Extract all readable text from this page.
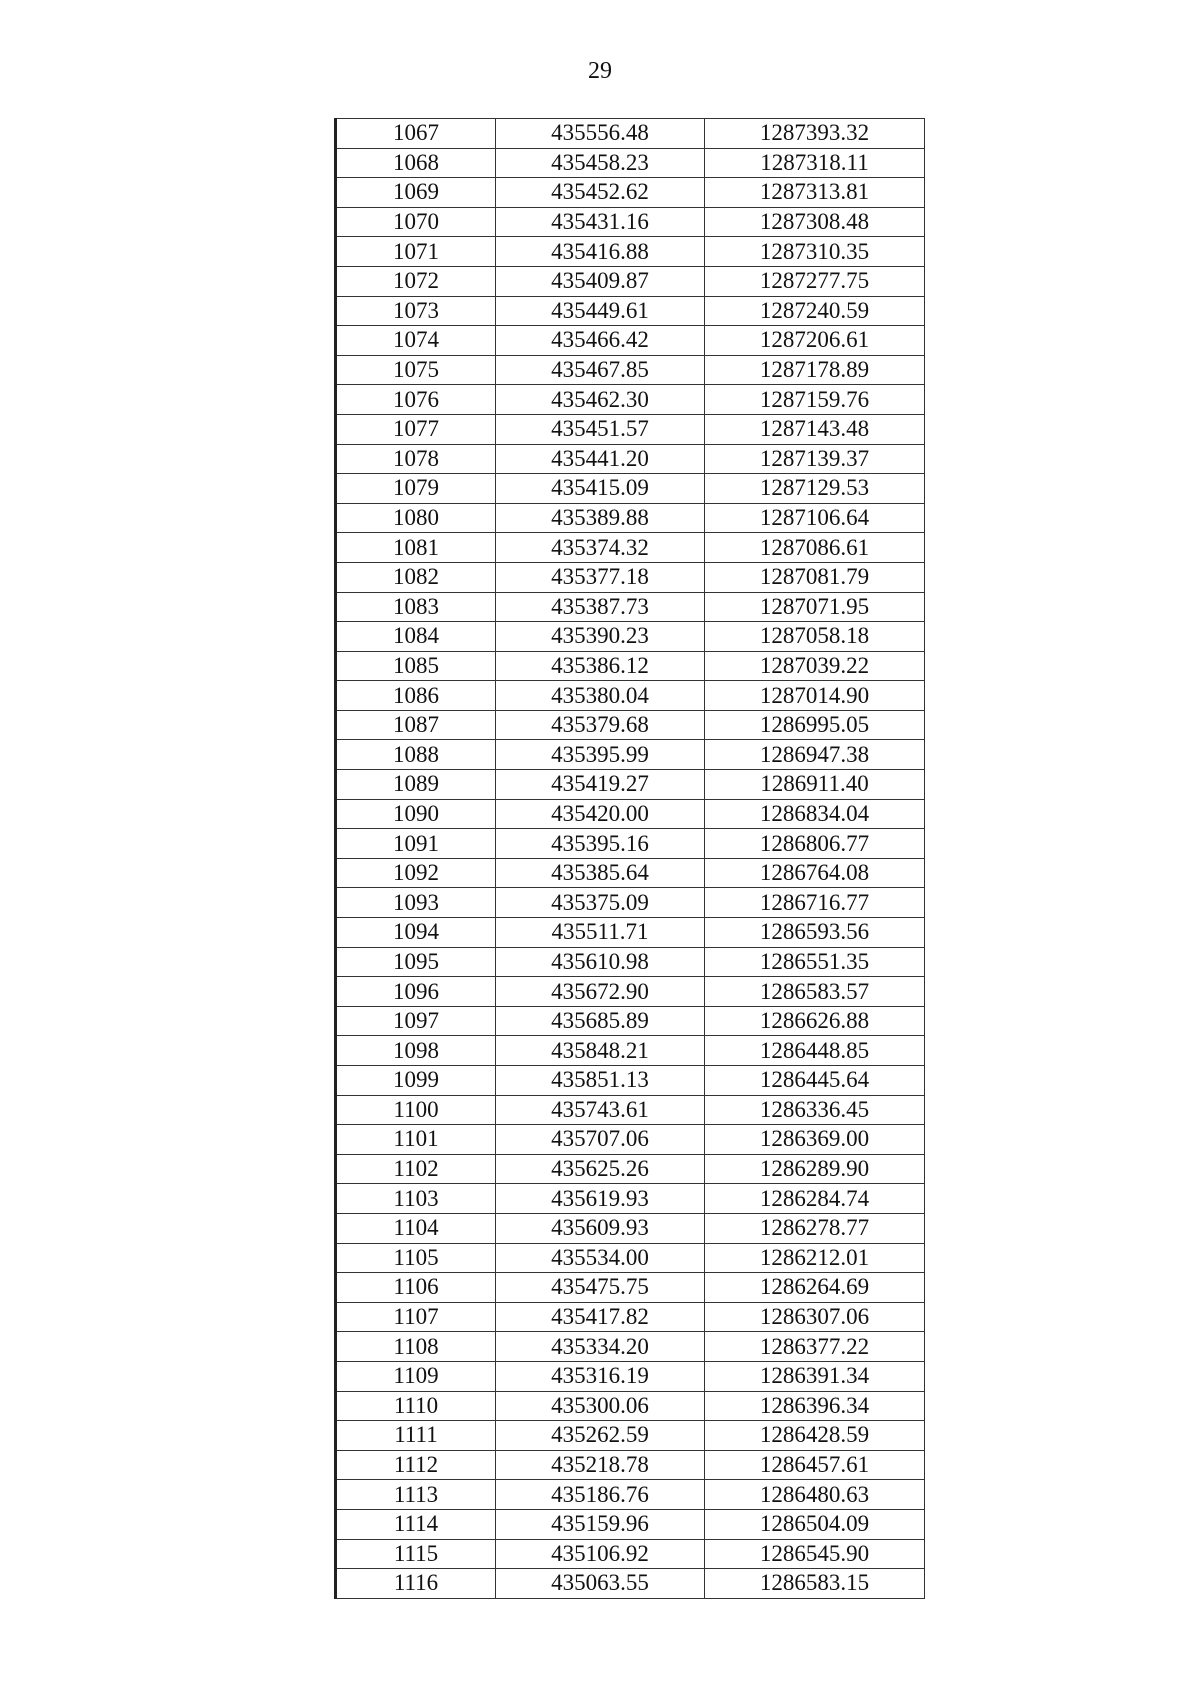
29
1067	435556.48	1287393.32
1068	435458.23	1287318.11
1069	435452.62	1287313.81
1070	435431.16	1287308.48
1071	435416.88	1287310.35
1072	435409.87	1287277.75
1073	435449.61	1287240.59
1074	435466.42	1287206.61
1075	435467.85	1287178.89
1076	435462.30	1287159.76
1077	435451.57	1287143.48
1078	435441.20	1287139.37
1079	435415.09	1287129.53
1080	435389.88	1287106.64
1081	435374.32	1287086.61
1082	435377.18	1287081.79
1083	435387.73	1287071.95
1084	435390.23	1287058.18
1085	435386.12	1287039.22
1086	435380.04	1287014.90
1087	435379.68	1286995.05
1088	435395.99	1286947.38
1089	435419.27	1286911.40
1090	435420.00	1286834.04
1091	435395.16	1286806.77
1092	435385.64	1286764.08
1093	435375.09	1286716.77
1094	435511.71	1286593.56
1095	435610.98	1286551.35
1096	435672.90	1286583.57
1097	435685.89	1286626.88
1098	435848.21	1286448.85
1099	435851.13	1286445.64
1100	435743.61	1286336.45
1101	435707.06	1286369.00
1102	435625.26	1286289.90
1103	435619.93	1286284.74
1104	435609.93	1286278.77
1105	435534.00	1286212.01
1106	435475.75	1286264.69
1107	435417.82	1286307.06
1108	435334.20	1286377.22
1109	435316.19	1286391.34
1110	435300.06	1286396.34
1111	435262.59	1286428.59
1112	435218.78	1286457.61
1113	435186.76	1286480.63
1114	435159.96	1286504.09
1115	435106.92	1286545.90
1116	435063.55	1286583.15
